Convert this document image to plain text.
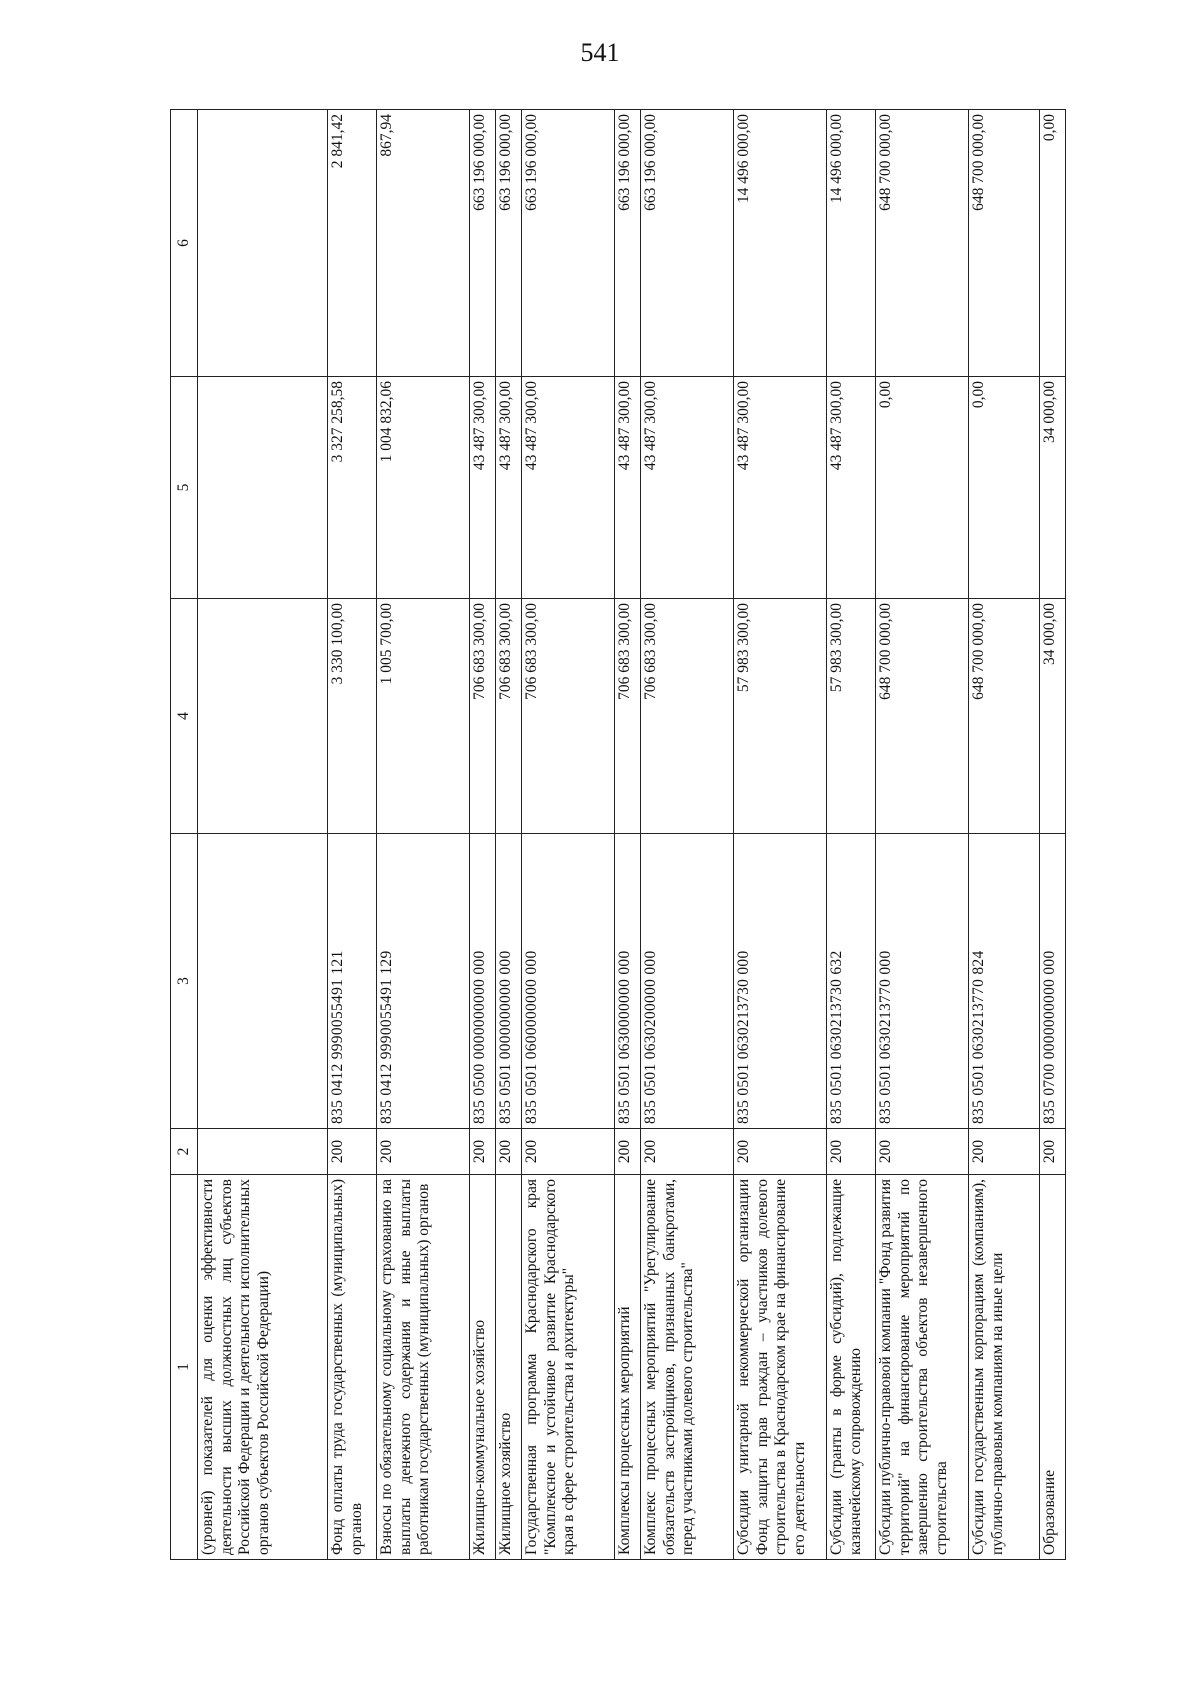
541
1	2	3	4	5	6
(уровней) показателей для оценки эффективности деятельности высших должностных лиц субъектов Российской Федерации и деятельности исполнительных органов субъектов Российской Федерации)					
Фонд оплаты труда государственных (муниципальных) органов	200	835 0412 9990055491 121	3 330 100,00	3 327 258,58	2 841,42
Взносы по обязательному социальному страхованию на выплаты денежного содержания и иные выплаты работникам государственных (муниципальных) органов	200	835 0412 9990055491 129	1 005 700,00	1 004 832,06	867,94
Жилищно-коммунальное хозяйство	200	835 0500 0000000000 000	706 683 300,00	43 487 300,00	663 196 000,00
Жилищное хозяйство	200	835 0501 0000000000 000	706 683 300,00	43 487 300,00	663 196 000,00
Государственная программа Краснодарского края "Комплексное и устойчивое развитие Краснодарского края в сфере строительства и архитектуры"	200	835 0501 0600000000 000	706 683 300,00	43 487 300,00	663 196 000,00
Комплексы процессных мероприятий	200	835 0501 0630000000 000	706 683 300,00	43 487 300,00	663 196 000,00
Комплекс процессных мероприятий "Урегулирование обязательств застройщиков, признанных банкротами, перед участниками долевого строительства"	200	835 0501 0630200000 000	706 683 300,00	43 487 300,00	663 196 000,00
Субсидии унитарной некоммерческой организации Фонд защиты прав граждан – участников долевого строительства в Краснодарском крае на финансирование его деятельности	200	835 0501 0630213730 000	57 983 300,00	43 487 300,00	14 496 000,00
Субсидии (гранты в форме субсидий), подлежащие казначейскому сопровождению	200	835 0501 0630213730 632	57 983 300,00	43 487 300,00	14 496 000,00
Субсидии публично-правовой компании "Фонд развития территорий" на финансирование мероприятий по завершению строительства объектов незавершенного строительства	200	835 0501 0630213770 000	648 700 000,00	0,00	648 700 000,00
Субсидии государственным корпорациям (компаниям), публично-правовым компаниям на иные цели	200	835 0501 0630213770 824	648 700 000,00	0,00	648 700 000,00
Образование	200	835 0700 0000000000 000	34 000,00	34 000,00	0,00
